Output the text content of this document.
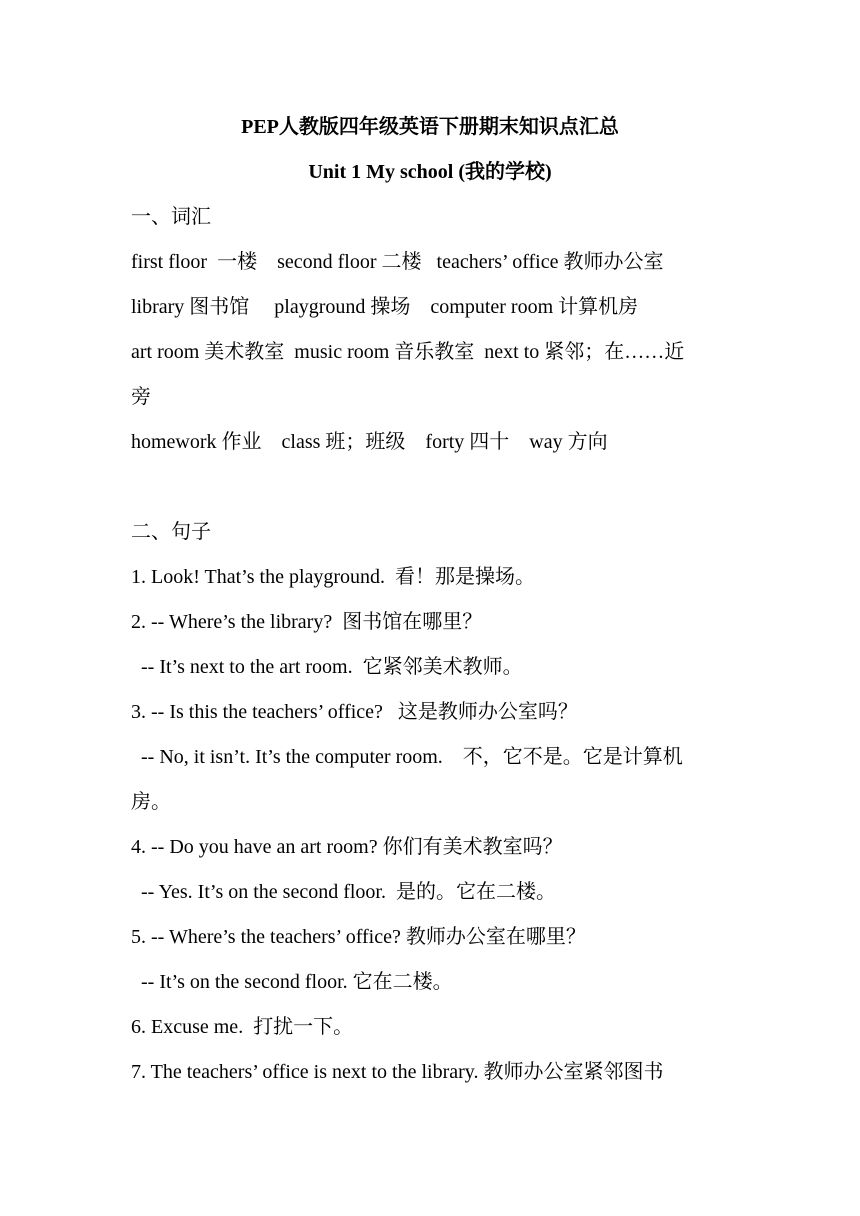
PEP人教版四年级英语下册期末知识点汇总
Unit 1 My school (我的学校)
一、词汇
first floor  一楼    second floor 二楼   teachers’ office 教师办公室
library 图书馆     playground 操场    computer room 计算机房
art room 美术教室  music room 音乐教室  next to 紧邻；在……近
旁
homework 作业    class 班；班级    forty 四十    way 方向
二、句子
1. Look! That’s the playground.  看！那是操场。
2. -- Where’s the library?  图书馆在哪里？
-- It’s next to the art room.  它紧邻美术教师。
3. -- Is this the teachers’ office?   这是教师办公室吗？
-- No, it isn’t. It’s the computer room.    不，它不是。它是计算机
房。
4. -- Do you have an art room? 你们有美术教室吗？
-- Yes. It’s on the second floor.  是的。它在二楼。
5. -- Where’s the teachers’ office? 教师办公室在哪里？
-- It’s on the second floor. 它在二楼。
6. Excuse me.  打扰一下。
7. The teachers’ office is next to the library. 教师办公室紧邻图书
